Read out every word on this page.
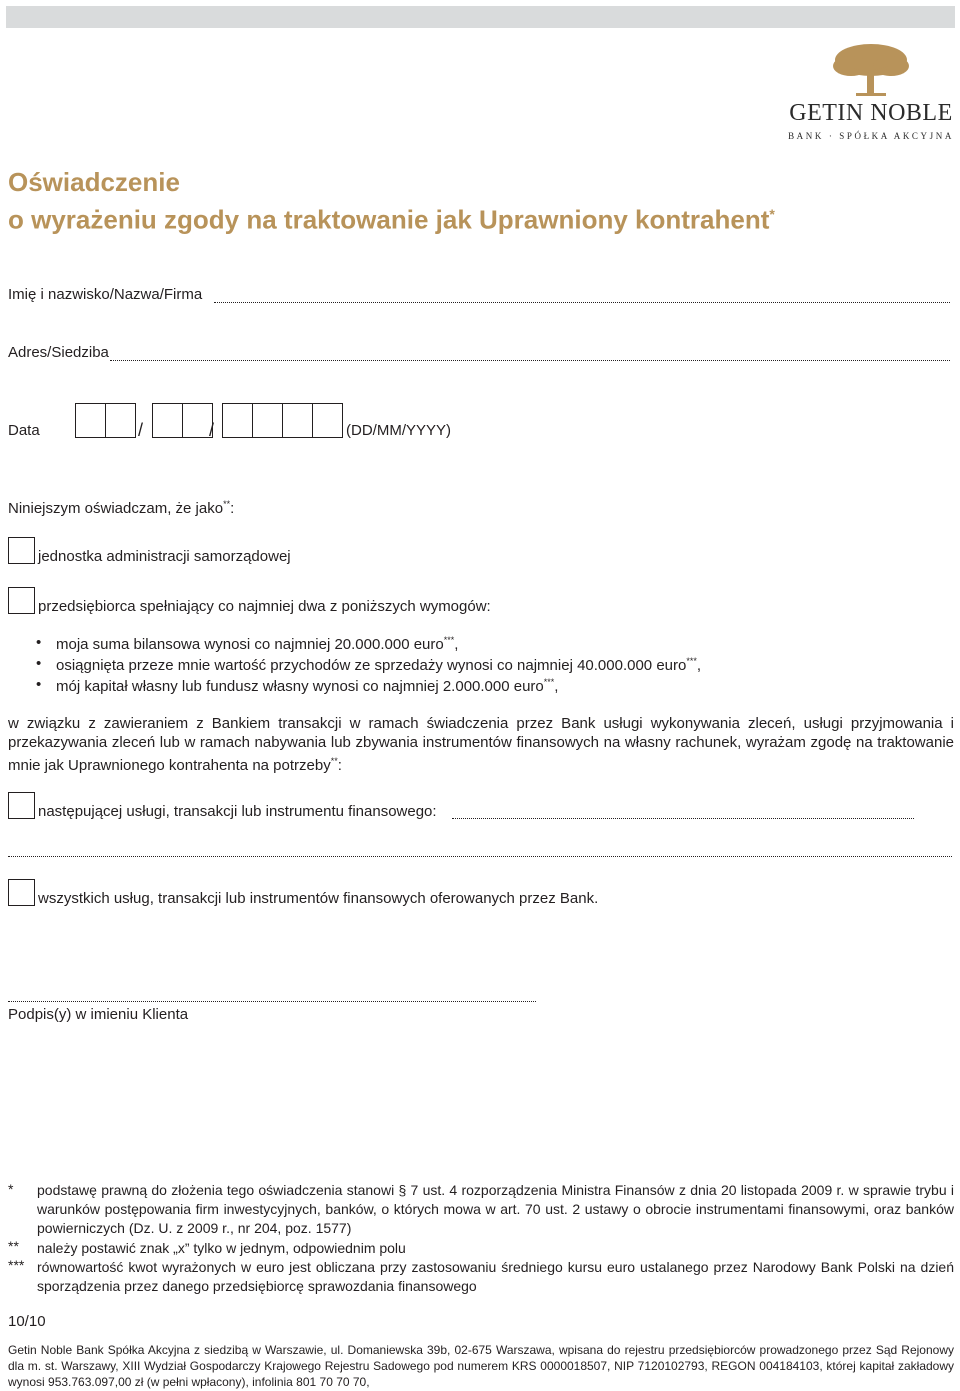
GETIN NOBLE
BANK · SPÓŁKA AKCYJNA
Oświadczenie
o wyrażeniu zgody na traktowanie jak Uprawniony kontrahent*
Imię i nazwisko/Nazwa/Firma
Adres/Siedziba
Data	/	/	(DD/MM/YYYY)
Niniejszym oświadczam, że jako**:
jednostka administracji samorządowej
przedsiębiorca spełniający co najmniej dwa z poniższych wymogów:
• moja suma bilansowa wynosi co najmniej 20.000.000 euro***,
• osiągnięta przeze mnie wartość przychodów ze sprzedaży wynosi co najmniej 40.000.000 euro***,
• mój kapitał własny lub fundusz własny wynosi co najmniej 2.000.000 euro***,
w związku z zawieraniem z Bankiem transakcji w ramach świadczenia przez Bank usługi wykonywania zleceń, usługi przyjmowania i przekazywania zleceń lub w ramach nabywania lub zbywania instrumentów finansowych na własny rachunek, wyrażam zgodę na traktowanie mnie jak Uprawnionego kontrahenta na potrzeby**:
następującej usługi, transakcji lub instrumentu finansowego:
wszystkich usług, transakcji lub instrumentów finansowych oferowanych przez Bank.
Podpis(y) w imieniu Klienta
* podstawę prawną do złożenia tego oświadczenia stanowi § 7 ust. 4 rozporządzenia Ministra Finansów z dnia 20 listopada 2009 r. w sprawie trybu i warunków postępowania firm inwestycyjnych, banków, o których mowa w art. 70 ust. 2 ustawy o obrocie instrumentami finansowymi, oraz banków powierniczych (Dz. U. z 2009 r., nr 204, poz. 1577)
** należy postawić znak „x” tylko w jednym, odpowiednim polu
*** równowartość kwot wyrażonych w euro jest obliczana przy zastosowaniu średniego kursu euro ustalanego przez Narodowy Bank Polski na dzień sporządzenia przez danego przedsiębiorcę sprawozdania finansowego
10/10
Getin Noble Bank Spółka Akcyjna z siedzibą w Warszawie, ul. Domaniewska 39b, 02-675 Warszawa, wpisana do rejestru przedsiębiorców prowadzonego przez Sąd Rejonowy dla m. st. Warszawy, XIII Wydział Gospodarczy Krajowego Rejestru Sadowego pod numerem KRS 0000018507, NIP 7120102793, REGON 004184103, której kapitał zakładowy wynosi 953.763.097,00 zł (w pełni wpłacony), infolinia 801 70 70 70,
